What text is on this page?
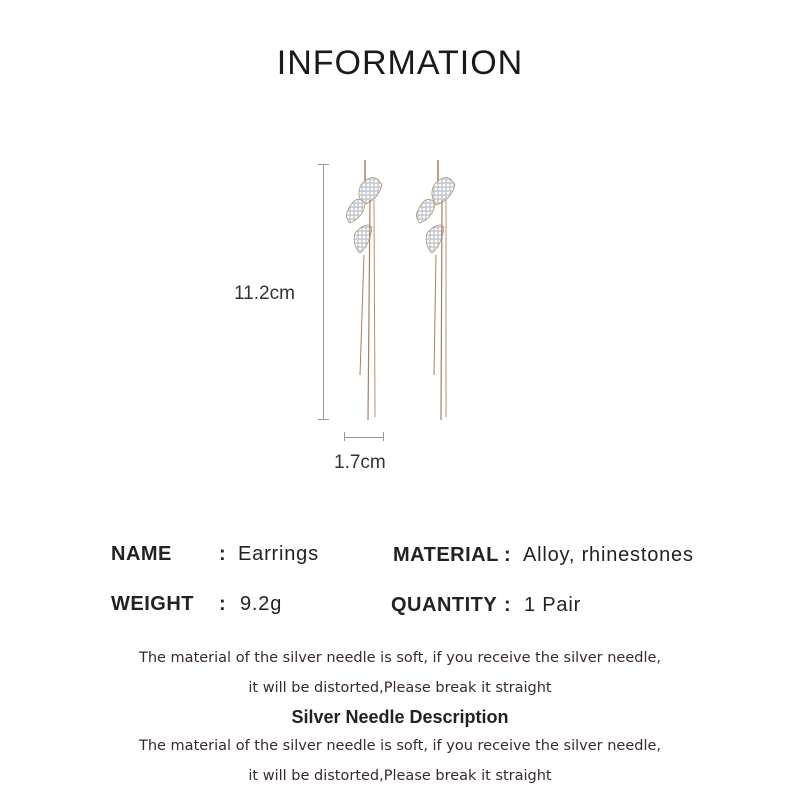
INFORMATION
11.2cm
1.7cm
NAME : Earrings	MATERIAL : Alloy, rhinestones
WEIGHT : 9.2g	QUANTITY : 1 Pair
The material of the silver needle is soft, if you receive the silver needle,
it will be distorted,Please break it straight
Silver Needle Description
The material of the silver needle is soft, if you receive the silver needle,
it will be distorted,Please break it straight
